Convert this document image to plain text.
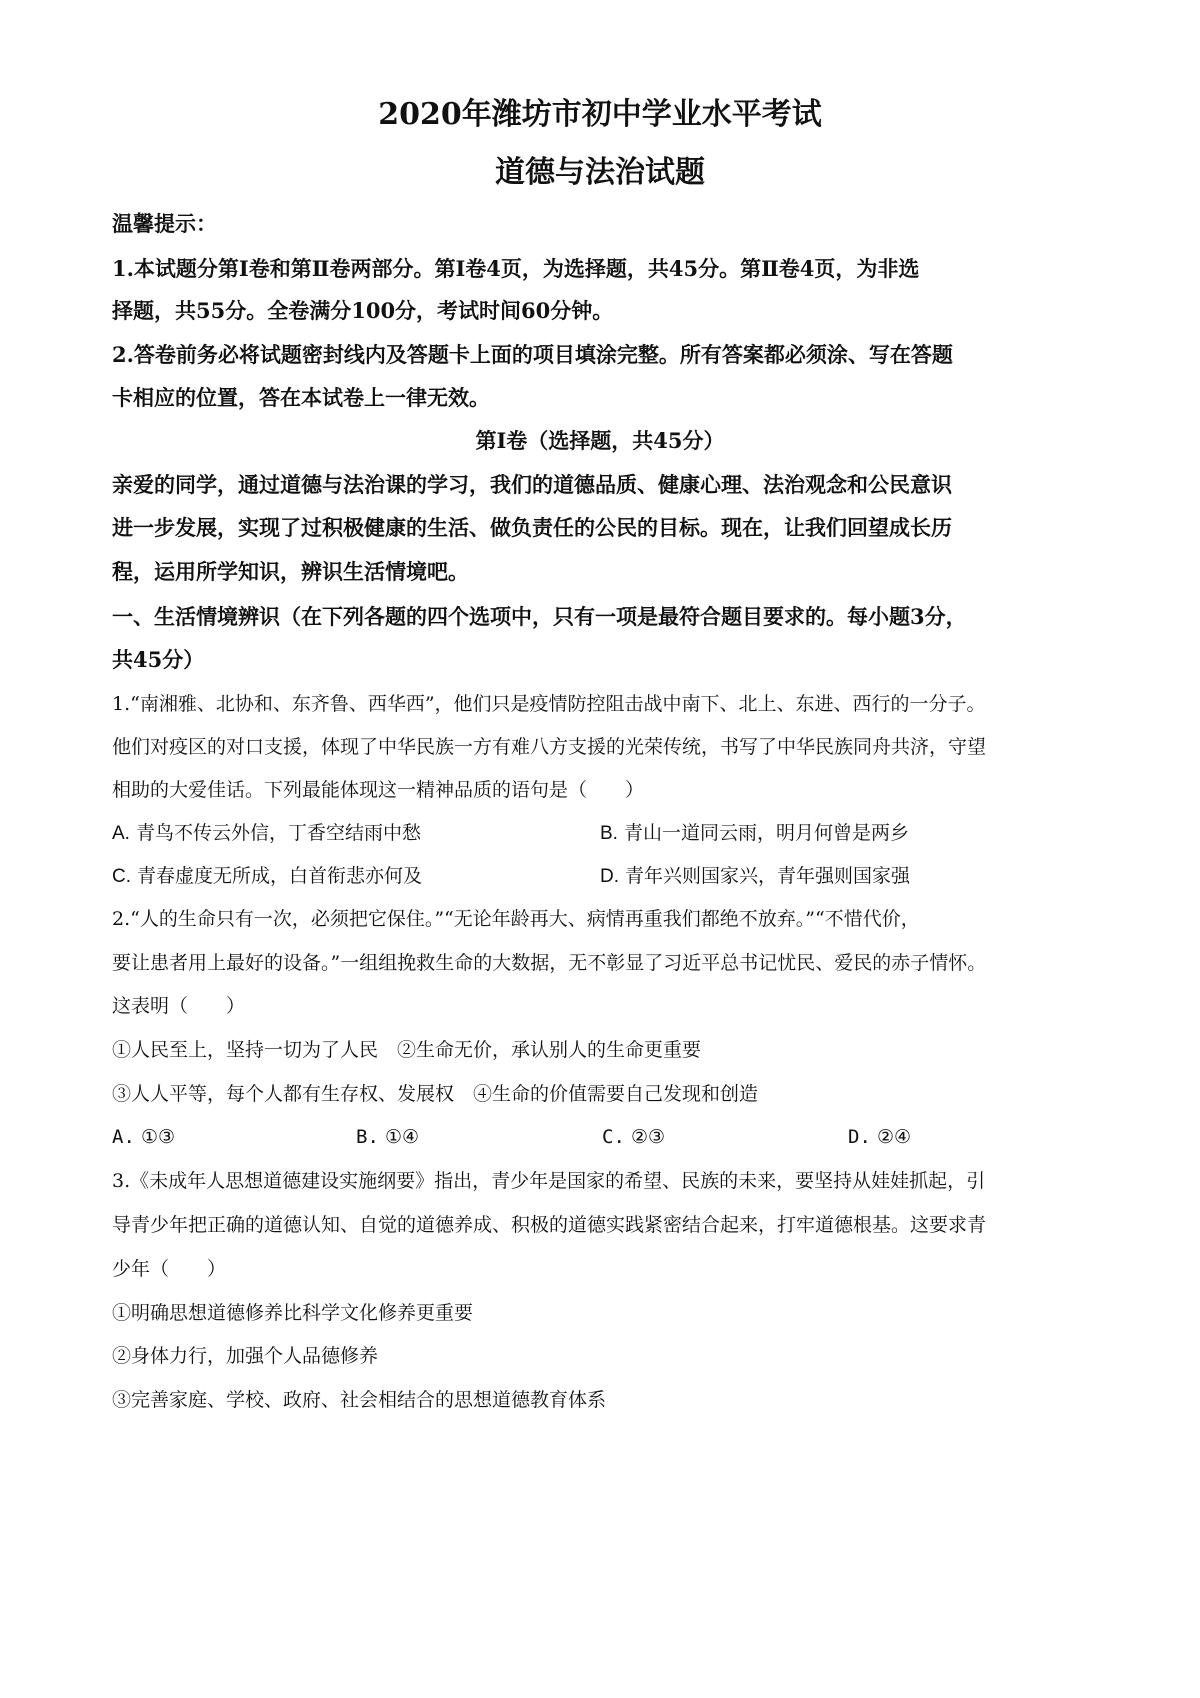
2020年潍坊市初中学业水平考试
道德与法治试题
温馨提示：
1.本试题分第Ⅰ卷和第Ⅱ卷两部分。第Ⅰ卷4页，为选择题，共45分。第Ⅱ卷4页，为非选
择题，共55分。全卷满分100分，考试时间60分钟。
2.答卷前务必将试题密封线内及答题卡上面的项目填涂完整。所有答案都必须涂、写在答题
卡相应的位置，答在本试卷上一律无效。
第Ⅰ卷（选择题，共45分）
亲爱的同学，通过道德与法治课的学习，我们的道德品质、健康心理、法治观念和公民意识
进一步发展，实现了过积极健康的生活、做负责任的公民的目标。现在，让我们回望成长历
程，运用所学知识，辨识生活情境吧。
一、生活情境辨识（在下列各题的四个选项中，只有一项是最符合题目要求的。每小题3分，
共45分）
1.“南湘雅、北协和、东齐鲁、西华西”，他们只是疫情防控阻击战中南下、北上、东进、西行的一分子。
他们对疫区的对口支援，体现了中华民族一方有难八方支援的光荣传统，书写了中华民族同舟共济，守望
相助的大爱佳话。下列最能体现这一精神品质的语句是（　　）
A. 青鸟不传云外信，丁香空结雨中愁	B. 青山一道同云雨，明月何曾是两乡
C. 青春虚度无所成，白首衔悲亦何及	D. 青年兴则国家兴，青年强则国家强
2.“人的生命只有一次，必须把它保住。”“无论年龄再大、病情再重我们都绝不放弃。”“不惜代价，
要让患者用上最好的设备。”一组组挽救生命的大数据，无不彰显了习近平总书记忧民、爱民的赤子情怀。
这表明（　　）
①人民至上，坚持一切为了人民　②生命无价，承认别人的生命更重要
③人人平等，每个人都有生存权、发展权　④生命的价值需要自己发现和创造
A. ①③	B. ①④	C. ②③	D. ②④
3.《未成年人思想道德建设实施纲要》指出，青少年是国家的希望、民族的未来，要坚持从娃娃抓起，引
导青少年把正确的道德认知、自觉的道德养成、积极的道德实践紧密结合起来，打牢道德根基。这要求青
少年（　　）
①明确思想道德修养比科学文化修养更重要
②身体力行，加强个人品德修养
③完善家庭、学校、政府、社会相结合的思想道德教育体系
